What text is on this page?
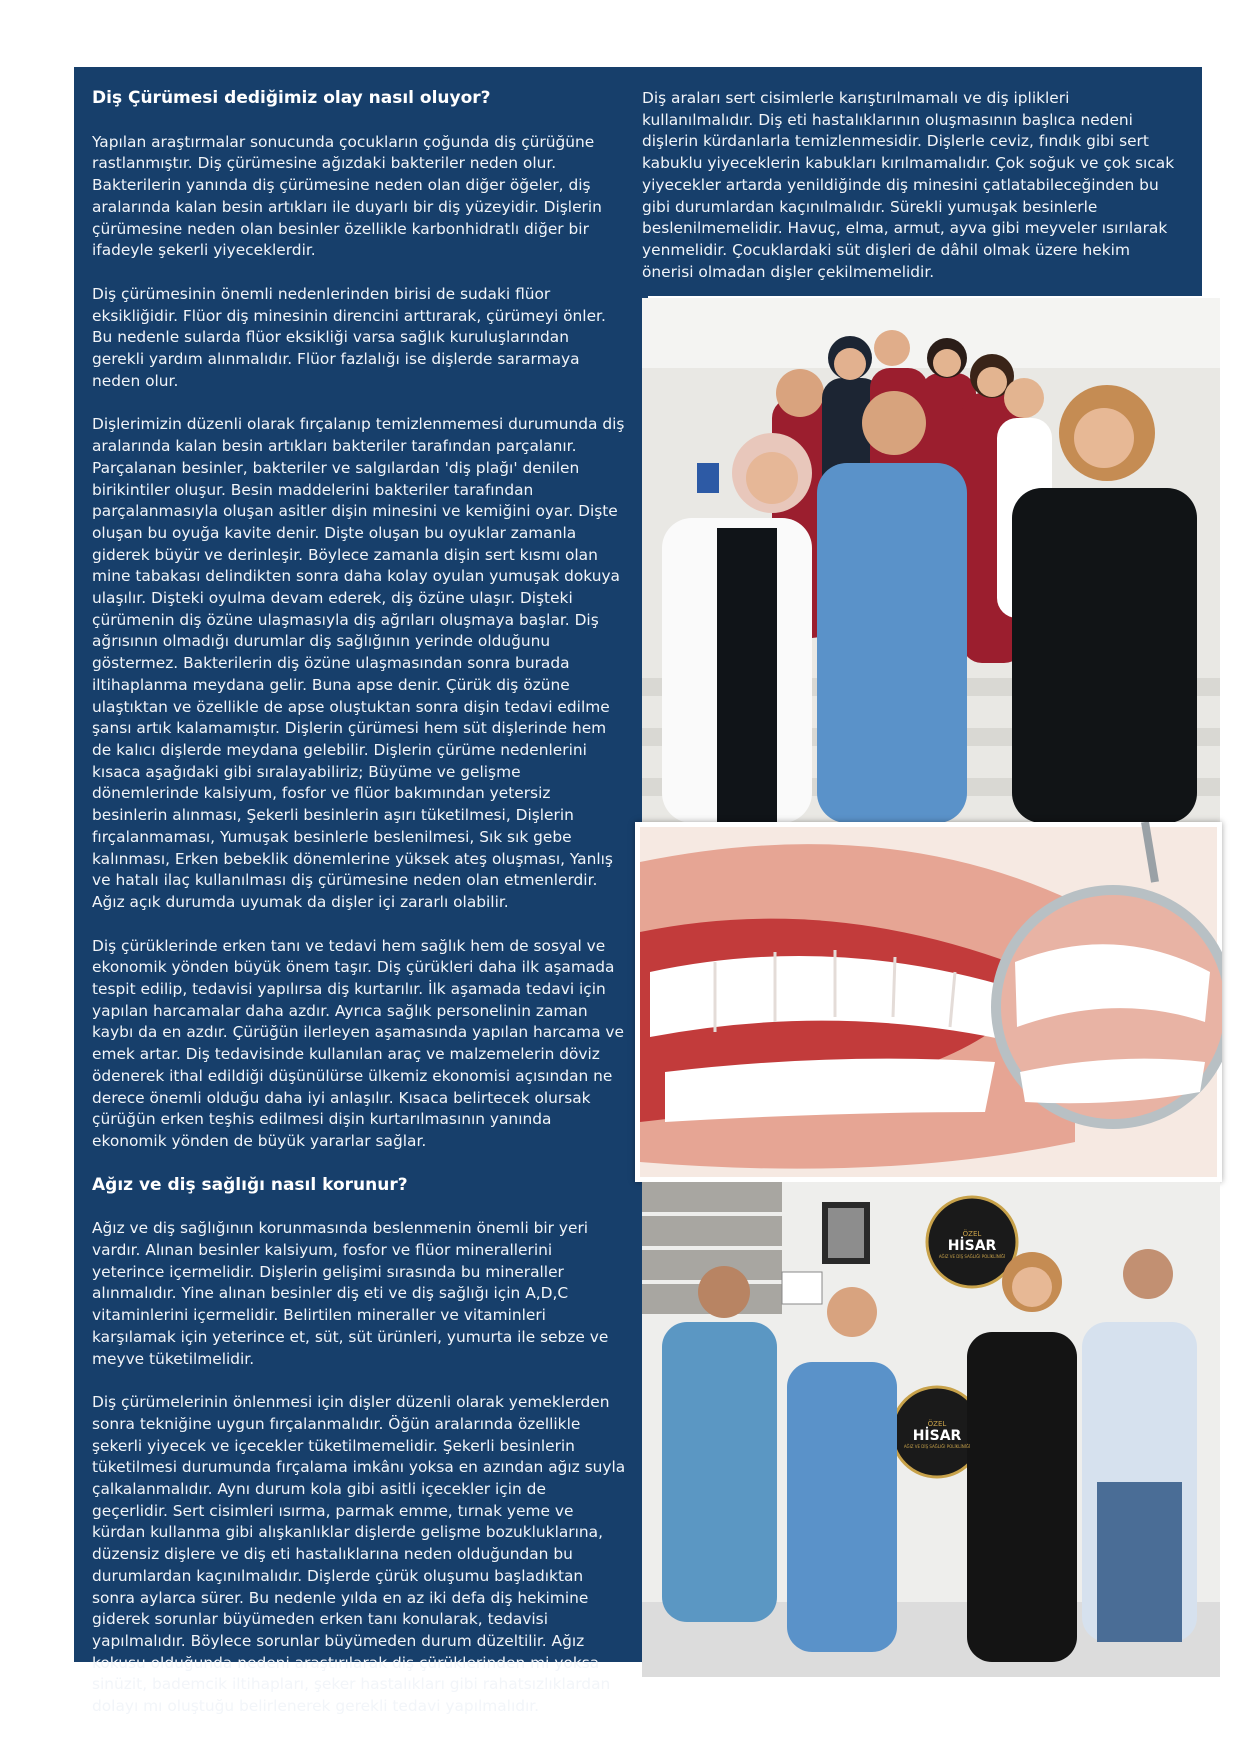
Diş Çürümesi dediğimiz olay nasıl oluyor?

Yapılan araştırmalar sonucunda çocukların çoğunda diş çürüğüne rastlanmıştır. Diş çürümesine ağızdaki bakteriler neden olur. Bakterilerin yanında diş çürümesine neden olan diğer öğeler, diş aralarında kalan besin artıkları ile duyarlı bir diş yüzeyidir. Dişlerin çürümesine neden olan besinler özellikle karbonhidratlı diğer bir ifadeyle şekerli yiyeceklerdir.

Diş çürümesinin önemli nedenlerinden birisi de sudaki flüor eksikliğidir. Flüor diş minesinin direncini arttırarak, çürümeyi önler. Bu nedenle sularda flüor eksikliği varsa sağlık kuruluşlarından gerekli yardım alınmalıdır. Flüor fazlalığı ise dişlerde sararmaya neden olur.

Dişlerimizin düzenli olarak fırçalanıp temizlenmemesi durumunda diş aralarında kalan besin artıkları bakteriler tarafından parçalanır. Parçalanan besinler, bakteriler ve salgılardan 'diş plağı' denilen birikintiler oluşur. Besin maddelerini bakteriler tarafından parçalanmasıyla oluşan asitler dişin minesini ve kemiğini oyar. Dişte oluşan bu oyuğa kavite denir. Dişte oluşan bu oyuklar zamanla giderek büyür ve derinleşir. Böylece zamanla dişin sert kısmı olan mine tabakası delindikten sonra daha kolay oyulan yumuşak dokuya ulaşılır. Dişteki oyulma devam ederek, diş özüne ulaşır. Dişteki çürümenin diş özüne ulaşmasıyla diş ağrıları oluşmaya başlar. Diş ağrısının olmadığı durumlar diş sağlığının yerinde olduğunu göstermez. Bakterilerin diş özüne ulaşmasından sonra burada iltihaplanma meydana gelir. Buna apse denir. Çürük diş özüne ulaştıktan ve özellikle de apse oluştuktan sonra dişin tedavi edilme şansı artık kalamamıştır. Dişlerin çürümesi hem süt dişlerinde hem de kalıcı dişlerde meydana gelebilir. Dişlerin çürüme nedenlerini kısaca aşağıdaki gibi sıralayabiliriz; Büyüme ve gelişme dönemlerinde kalsiyum, fosfor ve flüor bakımından yetersiz besinlerin alınması, Şekerli besinlerin aşırı tüketilmesi, Dişlerin fırçalanmaması, Yumuşak besinlerle beslenilmesi, Sık sık gebe kalınması, Erken bebeklik dönemlerine yüksek ateş oluşması, Yanlış ve hatalı ilaç kullanılması diş çürümesine neden olan etmenlerdir. Ağız açık durumda uyumak da dişler içi zararlı olabilir.

Diş çürüklerinde erken tanı ve tedavi hem sağlık hem de sosyal ve ekonomik yönden büyük önem taşır. Diş çürükleri daha ilk aşamada tespit edilip, tedavisi yapılırsa diş kurtarılır. İlk aşamada tedavi için yapılan harcamalar daha azdır. Ayrıca sağlık personelinin zaman kaybı da en azdır. Çürüğün ilerleyen aşamasında yapılan harcama ve emek artar. Diş tedavisinde kullanılan araç ve malzemelerin döviz ödenerek ithal edildiği düşünülürse ülkemiz ekonomisi açısından ne derece önemli olduğu daha iyi anlaşılır. Kısaca belirtecek olursak çürüğün erken teşhis edilmesi dişin kurtarılmasının yanında ekonomik yönden de büyük yararlar sağlar.

Ağız ve diş sağlığı nasıl korunur?

Ağız ve diş sağlığının korunmasında beslenmenin önemli bir yeri vardır. Alınan besinler kalsiyum, fosfor ve flüor minerallerini yeterince içermelidir. Dişlerin gelişimi sırasında bu mineraller alınmalıdır. Yine alınan besinler diş eti ve diş sağlığı için A,D,C vitaminlerini içermelidir. Belirtilen mineraller ve vitaminleri karşılamak için yeterince et, süt, süt ürünleri, yumurta ile sebze ve meyve tüketilmelidir.

Diş çürümelerinin önlenmesi için dişler düzenli olarak yemeklerden sonra tekniğine uygun fırçalanmalıdır. Öğün aralarında özellikle şekerli yiyecek ve içecekler tüketilmemelidir. Şekerli besinlerin tüketilmesi durumunda fırçalama imkânı yoksa en azından ağız suyla çalkalanmalıdır. Aynı durum kola gibi asitli içecekler için de geçerlidir. Sert cisimleri ısırma, parmak emme, tırnak yeme ve kürdan kullanma gibi alışkanlıklar dişlerde gelişme bozukluklarına, düzensiz dişlere ve diş eti hastalıklarına neden olduğundan bu durumlardan kaçınılmalıdır. Dişlerde çürük oluşumu başladıktan sonra aylarca sürer. Bu nedenle yılda en az iki defa diş hekimine giderek sorunlar büyümeden erken tanı konularak, tedavisi yapılmalıdır. Böylece sorunlar büyümeden durum düzeltilir. Ağız kokusu olduğunda nedeni araştırılarak diş çürüklerinden mi yoksa sinüzit, bademcik iltihapları, şeker hastalıkları gibi rahatsızlıklardan dolayı mı oluştuğu belirlenerek gerekli tedavi yapılmalıdır.

Diş araları sert cisimlerle karıştırılmamalı ve diş iplikleri kullanılmalıdır. Diş eti hastalıklarının oluşmasının başlıca nedeni dişlerin kürdanlarla temizlenmesidir. Dişlerle ceviz, fındık gibi sert kabuklu yiyeceklerin kabukları kırılmamalıdır. Çok soğuk ve çok sıcak yiyecekler artarda yenildiğinde diş minesini çatlatabileceğinden bu gibi durumlardan kaçınılmalıdır. Sürekli yumuşak besinlerle beslenilmemelidir. Havuç, elma, armut, ayva gibi meyveler ısırılarak yenmelidir. Çocuklardaki süt dişleri de dâhil olmak üzere hekim önerisi olmadan dişler çekilmemelidir.

ÖZEL
HİSAR
AĞIZ VE DİŞ SAĞLIĞI POLİKLİNİĞİ
ÖZEL
HİSAR
AĞIZ VE DİŞ SAĞLIĞI POLİKLİNİĞİ
zirvedekiler.kim 123
